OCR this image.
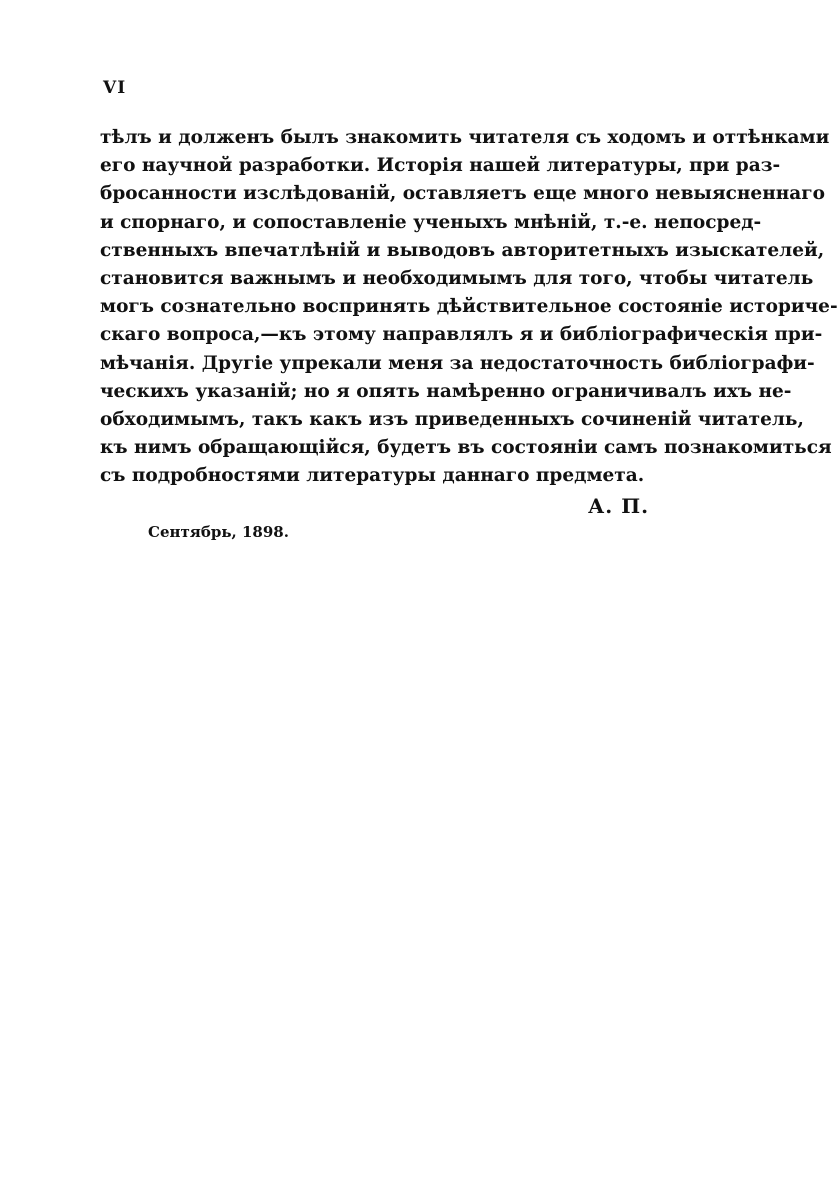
VI
тѣлъ и долженъ былъ знакомить читателя съ ходомъ и оттѣнками
его научной разработки. Исторія нашей литературы, при раз-
бросанности изслѣдованій, оставляетъ еще много невыясненнаго
и спорнаго, и сопоставленіе ученыхъ мнѣній, т.-е. непосред-
ственныхъ впечатлѣній и выводовъ авторитетныхъ изыскателей,
становится важнымъ и необходимымъ для того, чтобы читатель
могъ сознательно воспринять дѣйствительное состояніе историче-
скаго вопроса,—къ этому направлялъ я и библіографическія при-
мѣчанія. Другіе упрекали меня за недостаточность библіографи-
ческихъ указаній; но я опять намѣренно ограничивалъ ихъ не-
обходимымъ, такъ какъ изъ приведенныхъ сочиненій читатель,
къ нимъ обращающійся, будетъ въ состояніи самъ познакомиться
съ подробностями литературы даннаго предмета.
А. П.
Сентябрь, 1898.
